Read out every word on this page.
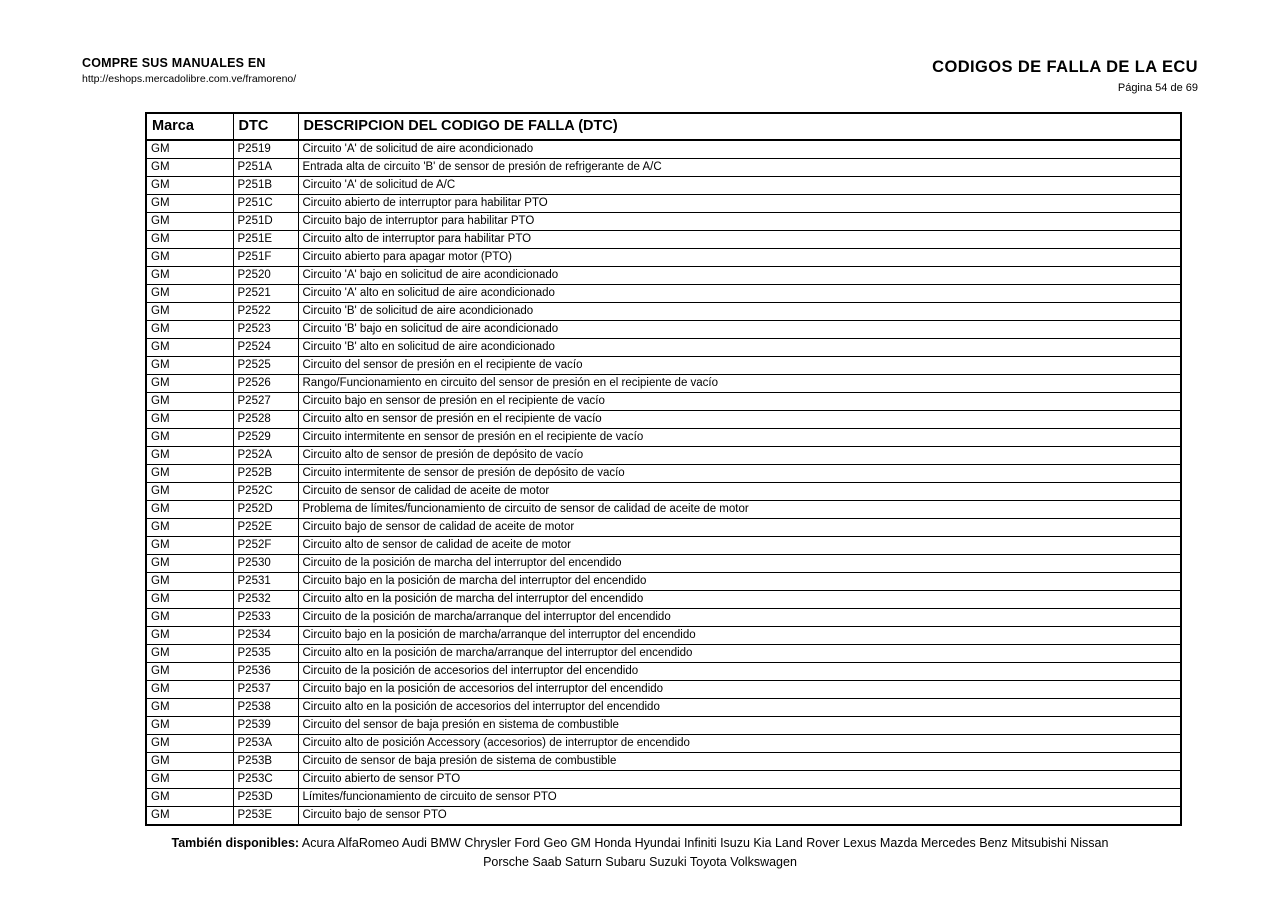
COMPRE SUS MANUALES EN
http://eshops.mercadolibre.com.ve/framoreno/
CODIGOS DE FALLA DE LA ECU
Página 54 de 69
Marca	DTC	DESCRIPCION DEL CODIGO DE FALLA (DTC)
GM	P2519	Circuito 'A' de solicitud de aire acondicionado
GM	P251A	Entrada alta de circuito 'B' de sensor de presión de refrigerante de A/C
GM	P251B	Circuito 'A' de solicitud de A/C
GM	P251C	Circuito abierto de interruptor para habilitar PTO
GM	P251D	Circuito bajo de interruptor para habilitar PTO
GM	P251E	Circuito alto de interruptor para habilitar PTO
GM	P251F	Circuito abierto para apagar motor (PTO)
GM	P2520	Circuito 'A' bajo en solicitud de aire acondicionado
GM	P2521	Circuito 'A' alto en solicitud de aire acondicionado
GM	P2522	Circuito 'B' de solicitud de aire acondicionado
GM	P2523	Circuito 'B' bajo en solicitud de aire acondicionado
GM	P2524	Circuito 'B' alto en solicitud de aire acondicionado
GM	P2525	Circuito del sensor de presión en el recipiente de vacío
GM	P2526	Rango/Funcionamiento en circuito del sensor de presión en el recipiente de vacío
GM	P2527	Circuito bajo en sensor de presión en el recipiente de vacío
GM	P2528	Circuito alto en sensor de presión en el recipiente de vacío
GM	P2529	Circuito intermitente en sensor de presión en el recipiente de vacío
GM	P252A	Circuito alto de sensor de presión de depósito de vacío
GM	P252B	Circuito intermitente de sensor de presión de depósito de vacío
GM	P252C	Circuito de sensor de calidad de aceite de motor
GM	P252D	Problema de límites/funcionamiento de circuito de sensor de calidad de aceite de motor
GM	P252E	Circuito bajo de sensor de calidad de aceite de motor
GM	P252F	Circuito alto de sensor de calidad de aceite de motor
GM	P2530	Circuito de la posición de marcha del interruptor del encendido
GM	P2531	Circuito bajo en la posición de marcha del interruptor del encendido
GM	P2532	Circuito alto en la posición de marcha del interruptor del encendido
GM	P2533	Circuito de la posición de marcha/arranque del interruptor del encendido
GM	P2534	Circuito bajo en la posición de marcha/arranque del interruptor del encendido
GM	P2535	Circuito alto en la posición de marcha/arranque del interruptor del encendido
GM	P2536	Circuito de la posición de accesorios del interruptor del encendido
GM	P2537	Circuito bajo en la posición de accesorios del interruptor del encendido
GM	P2538	Circuito alto en la posición de accesorios del interruptor del encendido
GM	P2539	Circuito del sensor de baja presión en sistema de combustible
GM	P253A	Circuito alto de posición Accessory (accesorios) de interruptor de encendido
GM	P253B	Circuito de sensor de baja presión de sistema de combustible
GM	P253C	Circuito abierto de sensor PTO
GM	P253D	Límites/funcionamiento de circuito de sensor PTO
GM	P253E	Circuito bajo de sensor PTO
También disponibles: Acura AlfaRomeo Audi BMW Chrysler Ford Geo GM Honda Hyundai Infiniti Isuzu Kia Land Rover Lexus Mazda Mercedes Benz Mitsubishi Nissan
Porsche Saab Saturn Subaru Suzuki Toyota Volkswagen
